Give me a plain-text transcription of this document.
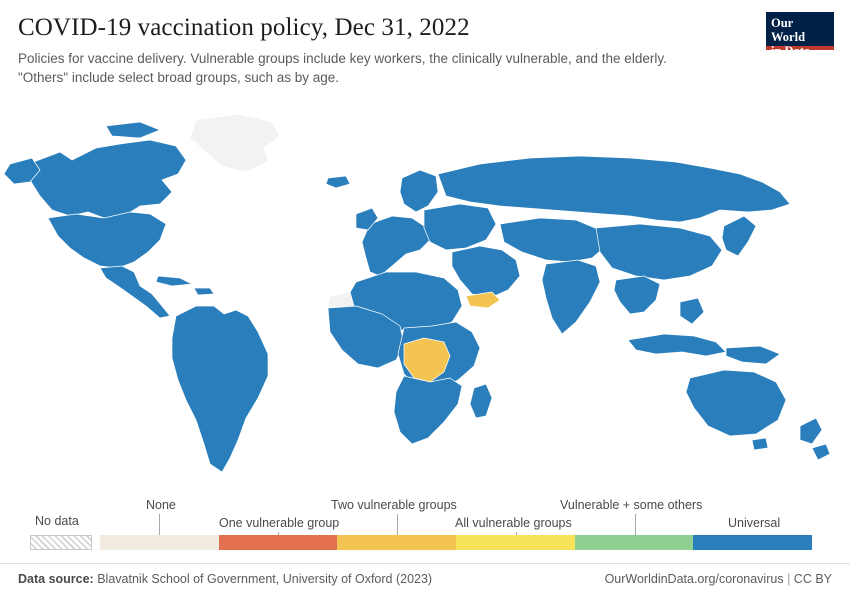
COVID-19 vaccination policy, Dec 31, 2022

Policies for vaccine delivery. Vulnerable groups include key workers, the clinically vulnerable, and the elderly.
"Others" include select broad groups, such as by age.

Our World
in Data
No data
None
One vulnerable group
Two vulnerable groups
All vulnerable groups
Vulnerable + some others
Universal
Data source: Blavatnik School of Government, University of Oxford (2023)	OurWorldinData.org/coronavirus | CC BY
